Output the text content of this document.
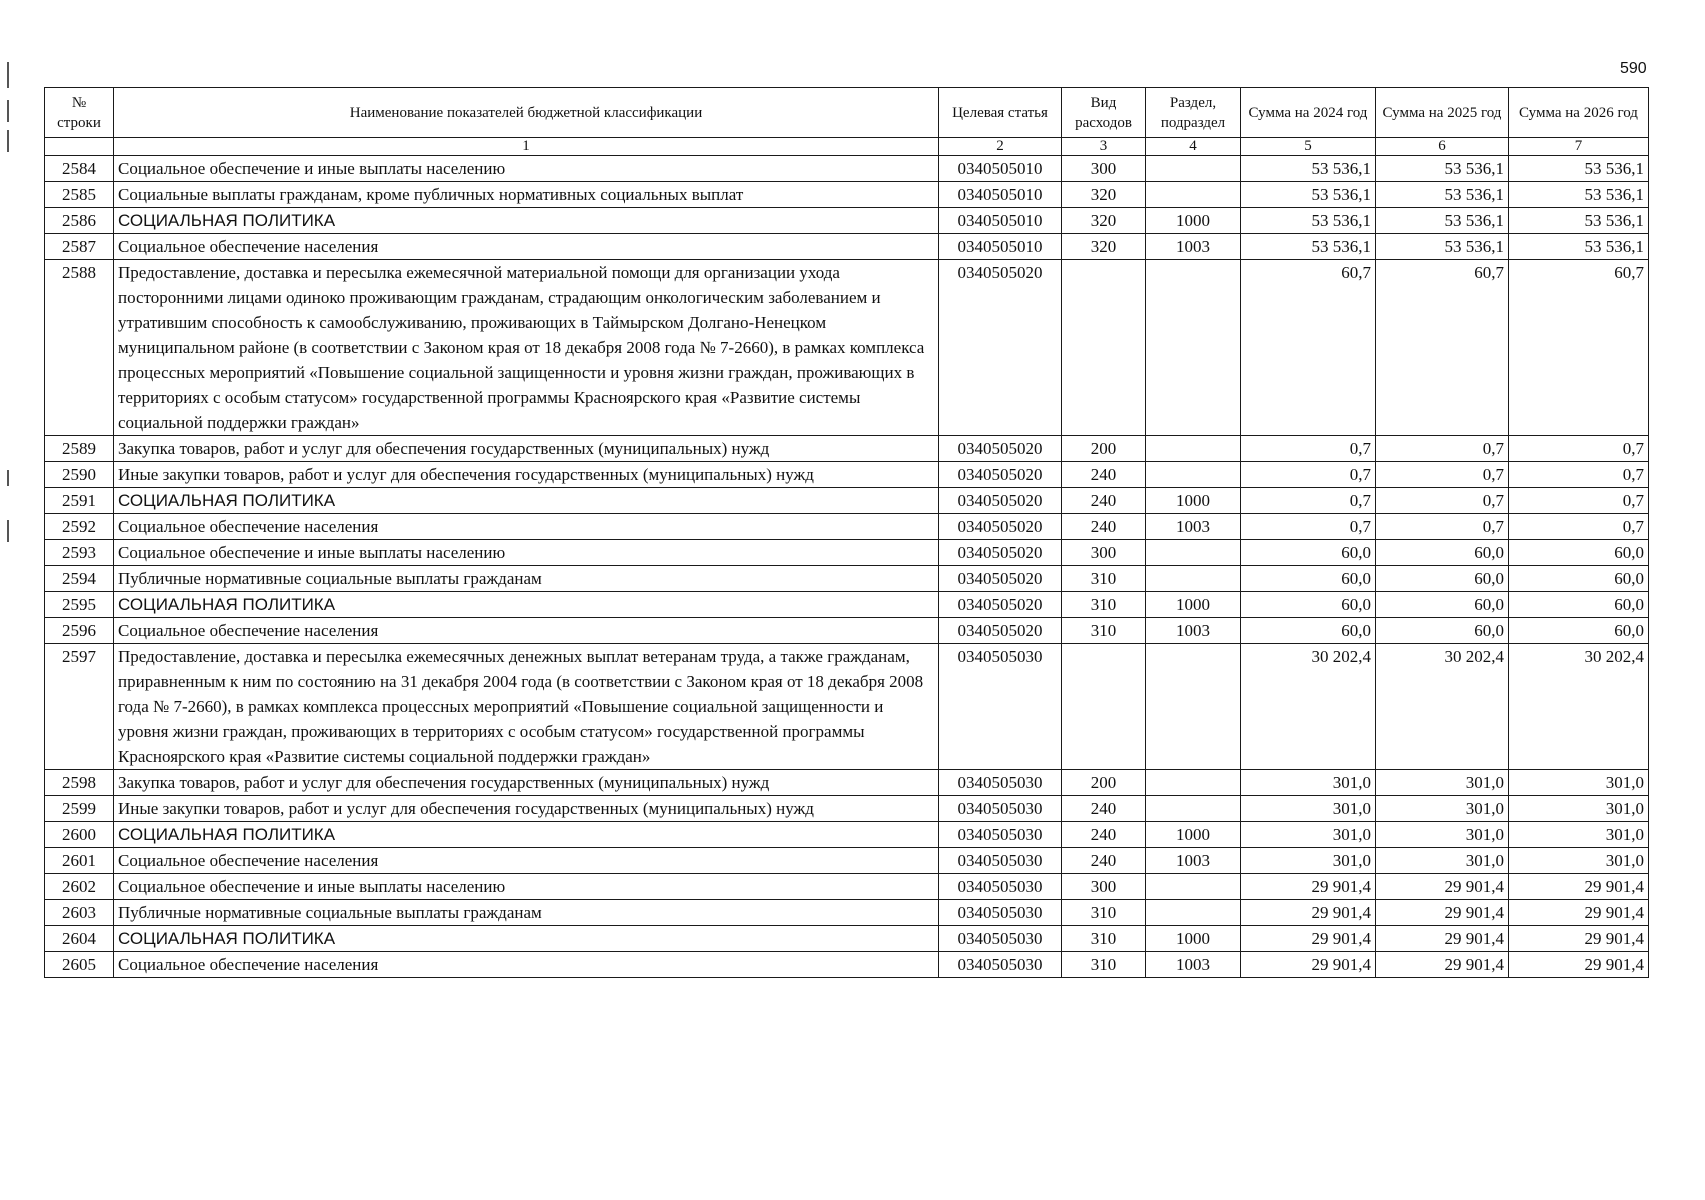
590
№ строки	Наименование показателей бюджетной классификации	Целевая статья	Вид расходов	Раздел, подраздел	Сумма на 2024 год	Сумма на 2025 год	Сумма на 2026 год
	1	2	3	4	5	6	7
2584	Социальное обеспечение и иные выплаты населению	0340505010	300		53 536,1	53 536,1	53 536,1
2585	Социальные выплаты гражданам, кроме публичных нормативных социальных выплат	0340505010	320		53 536,1	53 536,1	53 536,1
2586	СОЦИАЛЬНАЯ ПОЛИТИКА	0340505010	320	1000	53 536,1	53 536,1	53 536,1
2587	Социальное обеспечение населения	0340505010	320	1003	53 536,1	53 536,1	53 536,1
2588	Предоставление, доставка и пересылка ежемесячной материальной помощи для организации ухода посторонними лицами одиноко проживающим гражданам, страдающим онкологическим заболеванием и утратившим способность к самообслуживанию, проживающих в Таймырском Долгано-Ненецком муниципальном районе (в соответствии с Законом края от 18 декабря 2008 года № 7-2660), в рамках комплекса процессных мероприятий «Повышение социальной защищенности и уровня жизни граждан, проживающих в территориях с особым статусом» государственной программы Красноярского края «Развитие системы социальной поддержки граждан»	0340505020			60,7	60,7	60,7
2589	Закупка товаров, работ и услуг для обеспечения государственных (муниципальных) нужд	0340505020	200		0,7	0,7	0,7
2590	Иные закупки товаров, работ и услуг для обеспечения государственных (муниципальных) нужд	0340505020	240		0,7	0,7	0,7
2591	СОЦИАЛЬНАЯ ПОЛИТИКА	0340505020	240	1000	0,7	0,7	0,7
2592	Социальное обеспечение населения	0340505020	240	1003	0,7	0,7	0,7
2593	Социальное обеспечение и иные выплаты населению	0340505020	300		60,0	60,0	60,0
2594	Публичные нормативные социальные выплаты гражданам	0340505020	310		60,0	60,0	60,0
2595	СОЦИАЛЬНАЯ ПОЛИТИКА	0340505020	310	1000	60,0	60,0	60,0
2596	Социальное обеспечение населения	0340505020	310	1003	60,0	60,0	60,0
2597	Предоставление, доставка и пересылка ежемесячных денежных выплат ветеранам труда, а также гражданам, приравненным к ним по состоянию на 31 декабря 2004 года (в соответствии с Законом края от 18 декабря 2008 года № 7-2660), в рамках комплекса процессных мероприятий «Повышение социальной защищенности и уровня жизни граждан, проживающих в территориях с особым статусом» государственной программы Красноярского края «Развитие системы социальной поддержки граждан»	0340505030			30 202,4	30 202,4	30 202,4
2598	Закупка товаров, работ и услуг для обеспечения государственных (муниципальных) нужд	0340505030	200		301,0	301,0	301,0
2599	Иные закупки товаров, работ и услуг для обеспечения государственных (муниципальных) нужд	0340505030	240		301,0	301,0	301,0
2600	СОЦИАЛЬНАЯ ПОЛИТИКА	0340505030	240	1000	301,0	301,0	301,0
2601	Социальное обеспечение населения	0340505030	240	1003	301,0	301,0	301,0
2602	Социальное обеспечение и иные выплаты населению	0340505030	300		29 901,4	29 901,4	29 901,4
2603	Публичные нормативные социальные выплаты гражданам	0340505030	310		29 901,4	29 901,4	29 901,4
2604	СОЦИАЛЬНАЯ ПОЛИТИКА	0340505030	310	1000	29 901,4	29 901,4	29 901,4
2605	Социальное обеспечение населения	0340505030	310	1003	29 901,4	29 901,4	29 901,4
